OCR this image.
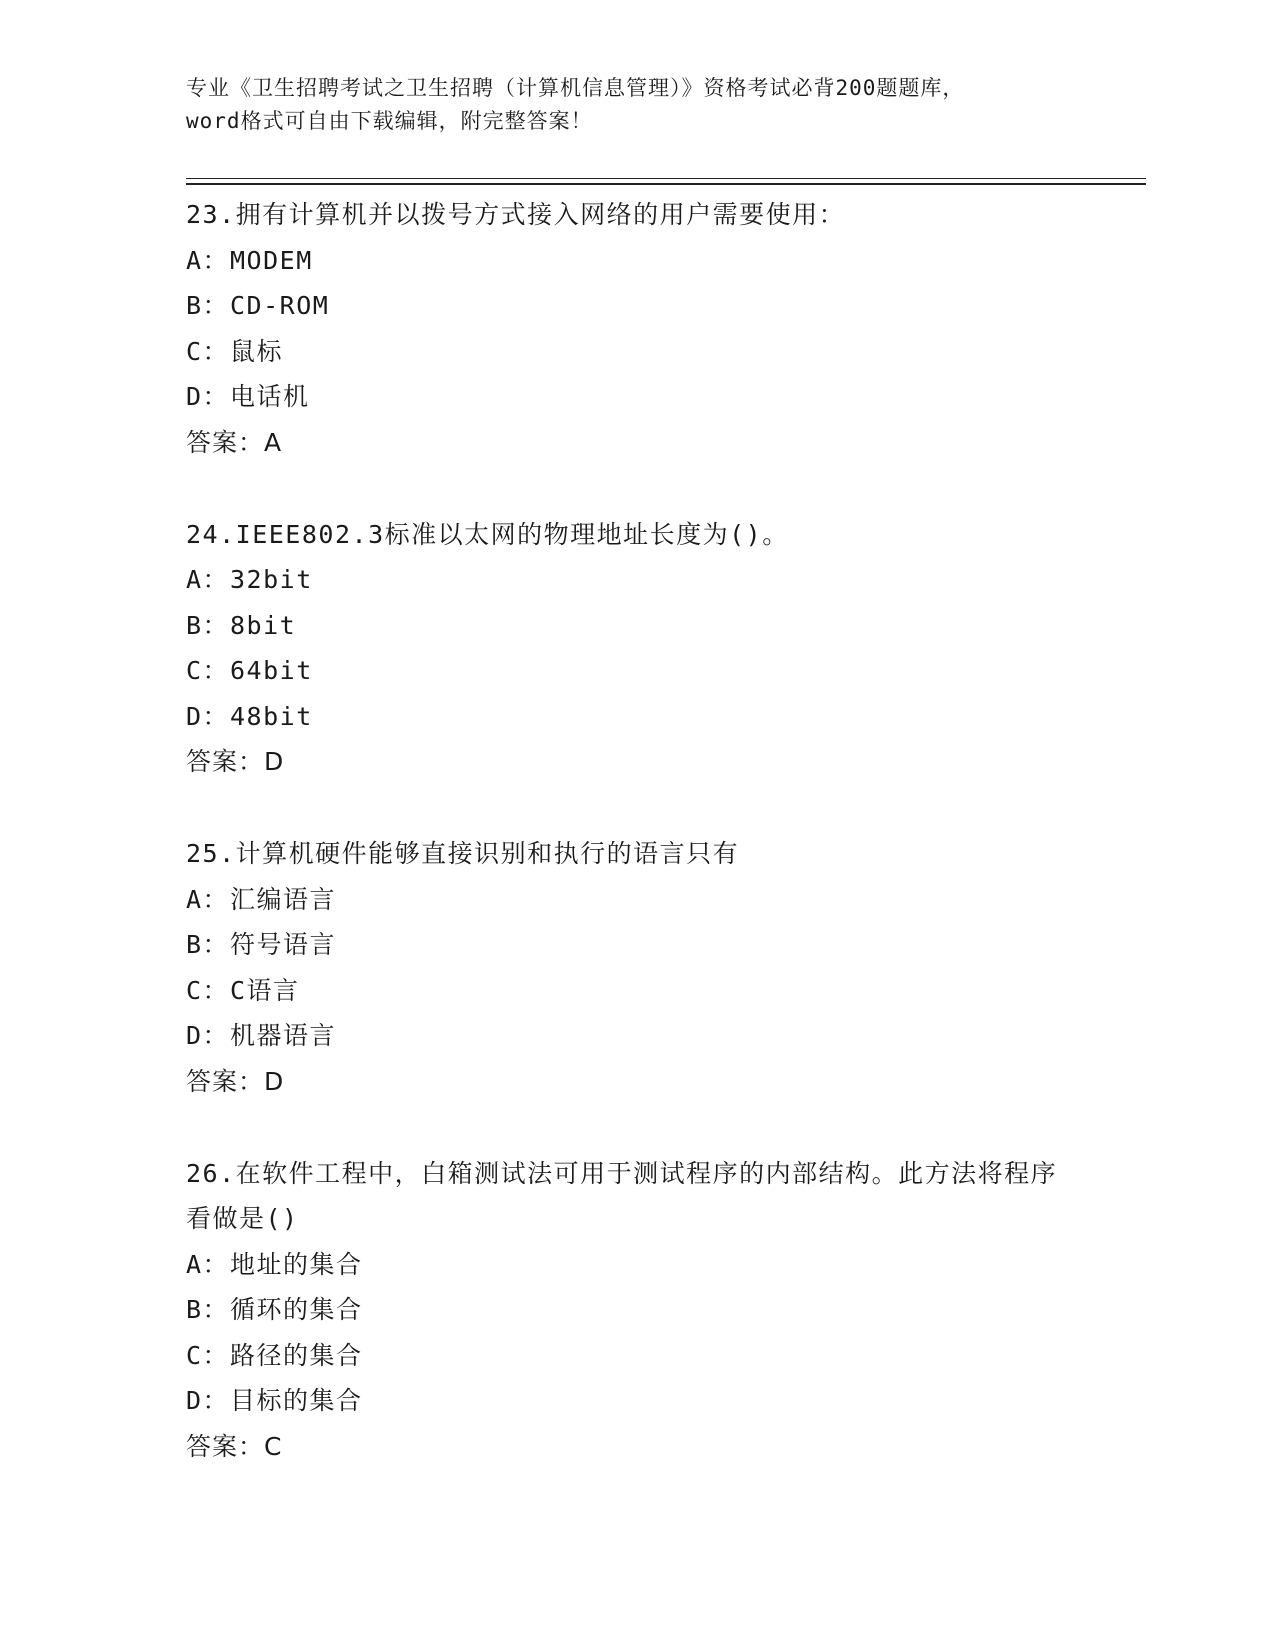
专业《卫生招聘考试之卫生招聘（计算机信息管理）》资格考试必背200题题库，
word格式可自由下载编辑，附完整答案！
23.拥有计算机并以拨号方式接入网络的用户需要使用：
A：MODEM
B：CD-ROM
C：鼠标
D：电话机
答案：A
24.IEEE802.3标准以太网的物理地址长度为()。
A：32bit
B：8bit
C：64bit
D：48bit
答案：D
25.计算机硬件能够直接识别和执行的语言只有
A：汇编语言
B：符号语言
C：C语言
D：机器语言
答案：D
26.在软件工程中，白箱测试法可用于测试程序的内部结构。此方法将程序看做是()
A：地址的集合
B：循环的集合
C：路径的集合
D：目标的集合
答案：C
